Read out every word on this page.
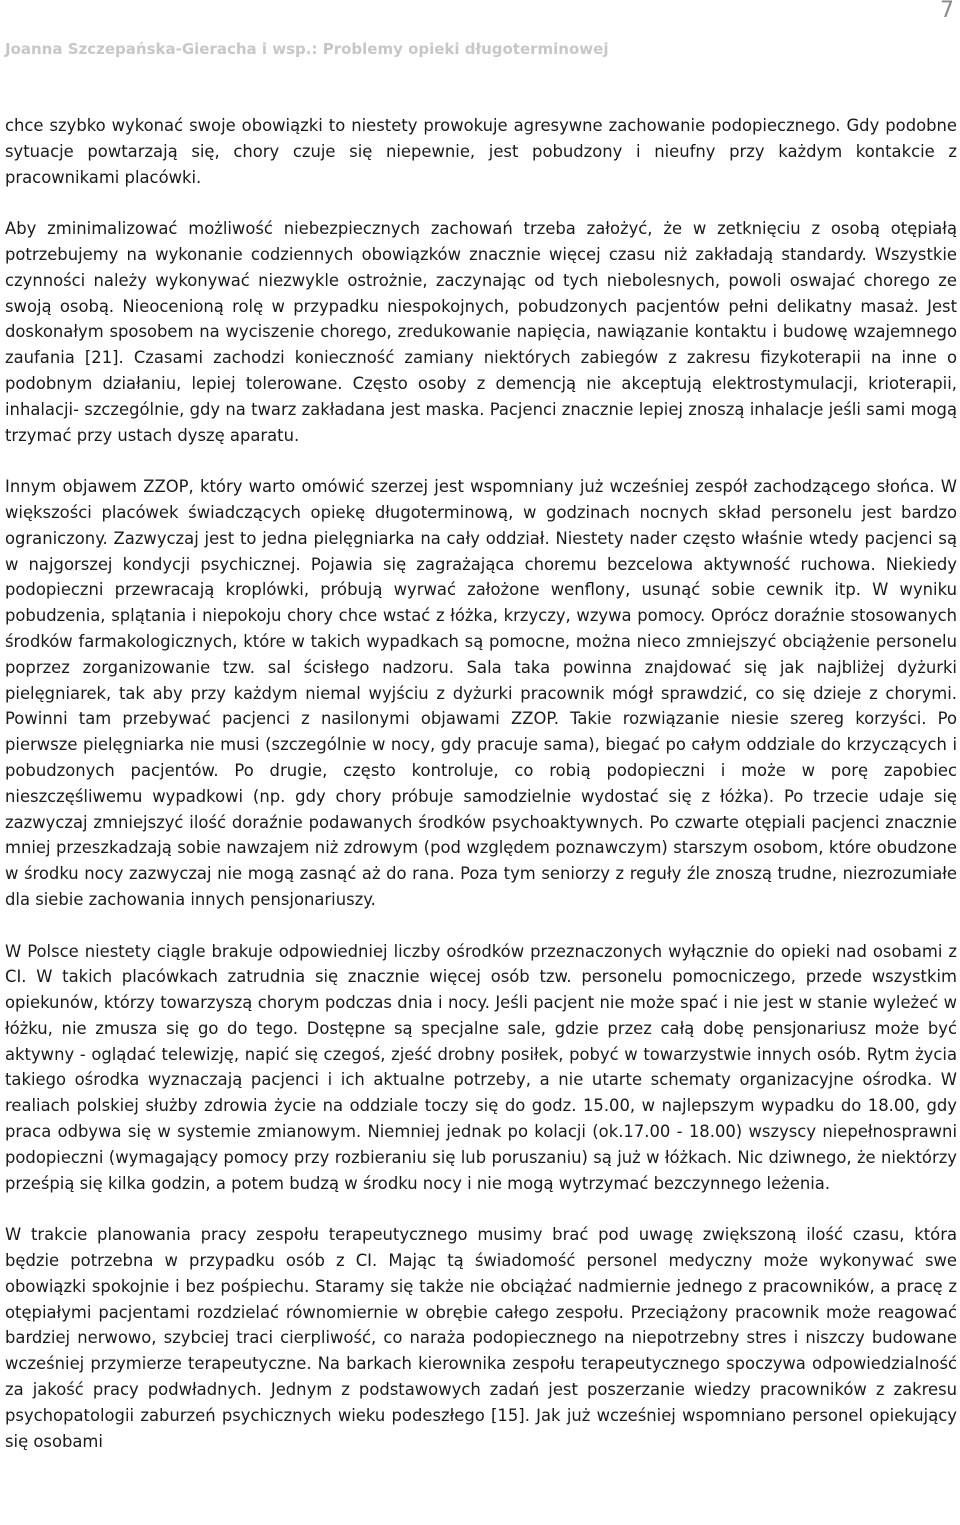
Joanna Szczepańska-Gieracha i wsp.: Problemy opieki długoterminowej
7

chce szybko wykonać swoje obowiązki to niestety prowokuje agresywne zachowanie podopiecznego. Gdy podobne sytuacje powtarzają się, chory czuje się niepewnie, jest pobudzony i nieufny przy każdym kontakcie z pracownikami placówki.

Aby zminimalizować możliwość niebezpiecznych zachowań trzeba założyć, że w zetknięciu z osobą otępiałą potrzebujemy na wykonanie codziennych obowiązków znacznie więcej czasu niż zakładają standardy. Wszystkie czynności należy wykonywać niezwykle ostrożnie, zaczynając od tych niebolesnych, powoli oswajać chorego ze swoją osobą. Nieocenioną rolę w przypadku niespokojnych, pobudzonych pacjentów pełni delikatny masaż. Jest doskonałym sposobem na wyciszenie chorego, zredukowanie napięcia, nawiązanie kontaktu i budowę wzajemnego zaufania [21]. Czasami zachodzi konieczność zamiany niektórych zabiegów z zakresu fizykoterapii na inne o podobnym działaniu, lepiej tolerowane. Często osoby z demencją nie akceptują elektrostymulacji, krioterapii, inhalacji- szczególnie, gdy na twarz zakładana jest maska. Pacjenci znacznie lepiej znoszą inhalacje jeśli sami mogą trzymać przy ustach dyszę aparatu.

Innym objawem ZZOP, który warto omówić szerzej jest wspomniany już wcześniej zespół zachodzącego słońca. W większości placówek świadczących opiekę długoterminową, w godzinach nocnych skład personelu jest bardzo ograniczony. Zazwyczaj jest to jedna pielęgniarka na cały oddział. Niestety nader często właśnie wtedy pacjenci są w najgorszej kondycji psychicznej. Pojawia się zagrażająca choremu bezcelowa aktywność ruchowa. Niekiedy podopieczni przewracają kroplówki, próbują wyrwać założone wenflony, usunąć sobie cewnik itp. W wyniku pobudzenia, splątania i niepokoju chory chce wstać z łóżka, krzyczy, wzywa pomocy. Oprócz doraźnie stosowanych środków farmakologicznych, które w takich wypadkach są pomocne, można nieco zmniejszyć obciążenie personelu poprzez zorganizowanie tzw. sal ścisłego nadzoru. Sala taka powinna znajdować się jak najbliżej dyżurki pielęgniarek, tak aby przy każdym niemal wyjściu z dyżurki pracownik mógł sprawdzić, co się dzieje z chorymi. Powinni tam przebywać pacjenci z nasilonymi objawami ZZOP. Takie rozwiązanie niesie szereg korzyści. Po pierwsze pielęgniarka nie musi (szczególnie w nocy, gdy pracuje sama), biegać po całym oddziale do krzyczących i pobudzonych pacjentów. Po drugie, często kontroluje, co robią podopieczni i może w porę zapobiec nieszczęśliwemu wypadkowi (np. gdy chory próbuje samodzielnie wydostać się z łóżka). Po trzecie udaje się zazwyczaj zmniejszyć ilość doraźnie podawanych środków psychoaktywnych. Po czwarte otępiali pacjenci znacznie mniej przeszkadzają sobie nawzajem niż zdrowym (pod względem poznawczym) starszym osobom, które obudzone w środku nocy zazwyczaj nie mogą zasnąć aż do rana. Poza tym seniorzy z reguły źle znoszą trudne, niezrozumiałe dla siebie zachowania innych pensjonariuszy.

W Polsce niestety ciągle brakuje odpowiedniej liczby ośrodków przeznaczonych wyłącznie do opieki nad osobami z CI. W takich placówkach zatrudnia się znacznie więcej osób tzw. personelu pomocniczego, przede wszystkim opiekunów, którzy towarzyszą chorym podczas dnia i nocy. Jeśli pacjent nie może spać i nie jest w stanie wyleżeć w łóżku, nie zmusza się go do tego. Dostępne są specjalne sale, gdzie przez całą dobę pensjonariusz może być aktywny - oglądać telewizję, napić się czegoś, zjeść drobny posiłek, pobyć w towarzystwie innych osób. Rytm życia takiego ośrodka wyznaczają pacjenci i ich aktualne potrzeby, a nie utarte schematy organizacyjne ośrodka. W realiach polskiej służby zdrowia życie na oddziale toczy się do godz. 15.00, w najlepszym wypadku do 18.00, gdy praca odbywa się w systemie zmianowym. Niemniej jednak po kolacji (ok.17.00 - 18.00) wszyscy niepełnosprawni podopieczni (wymagający pomocy przy rozbieraniu się lub poruszaniu) są już w łóżkach. Nic dziwnego, że niektórzy prześpią się kilka godzin, a potem budzą w środku nocy i nie mogą wytrzymać bezczynnego leżenia.

W trakcie planowania pracy zespołu terapeutycznego musimy brać pod uwagę zwiększoną ilość czasu, która będzie potrzebna w przypadku osób z CI. Mając tą świadomość personel medyczny może wykonywać swe obowiązki spokojnie i bez pośpiechu. Staramy się także nie obciążać nadmiernie jednego z pracowników, a pracę z otępiałymi pacjentami rozdzielać równomiernie w obrębie całego zespołu. Przeciążony pracownik może reagować bardziej nerwowo, szybciej traci cierpliwość, co naraża podopiecznego na niepotrzebny stres i niszczy budowane wcześniej przymierze terapeutyczne. Na barkach kierownika zespołu terapeutycznego spoczywa odpowiedzialność za jakość pracy podwładnych. Jednym z podstawowych zadań jest poszerzanie wiedzy pracowników z zakresu psychopatologii zaburzeń psychicznych wieku podeszłego [15]. Jak już wcześniej wspomniano personel opiekujący się osobami
